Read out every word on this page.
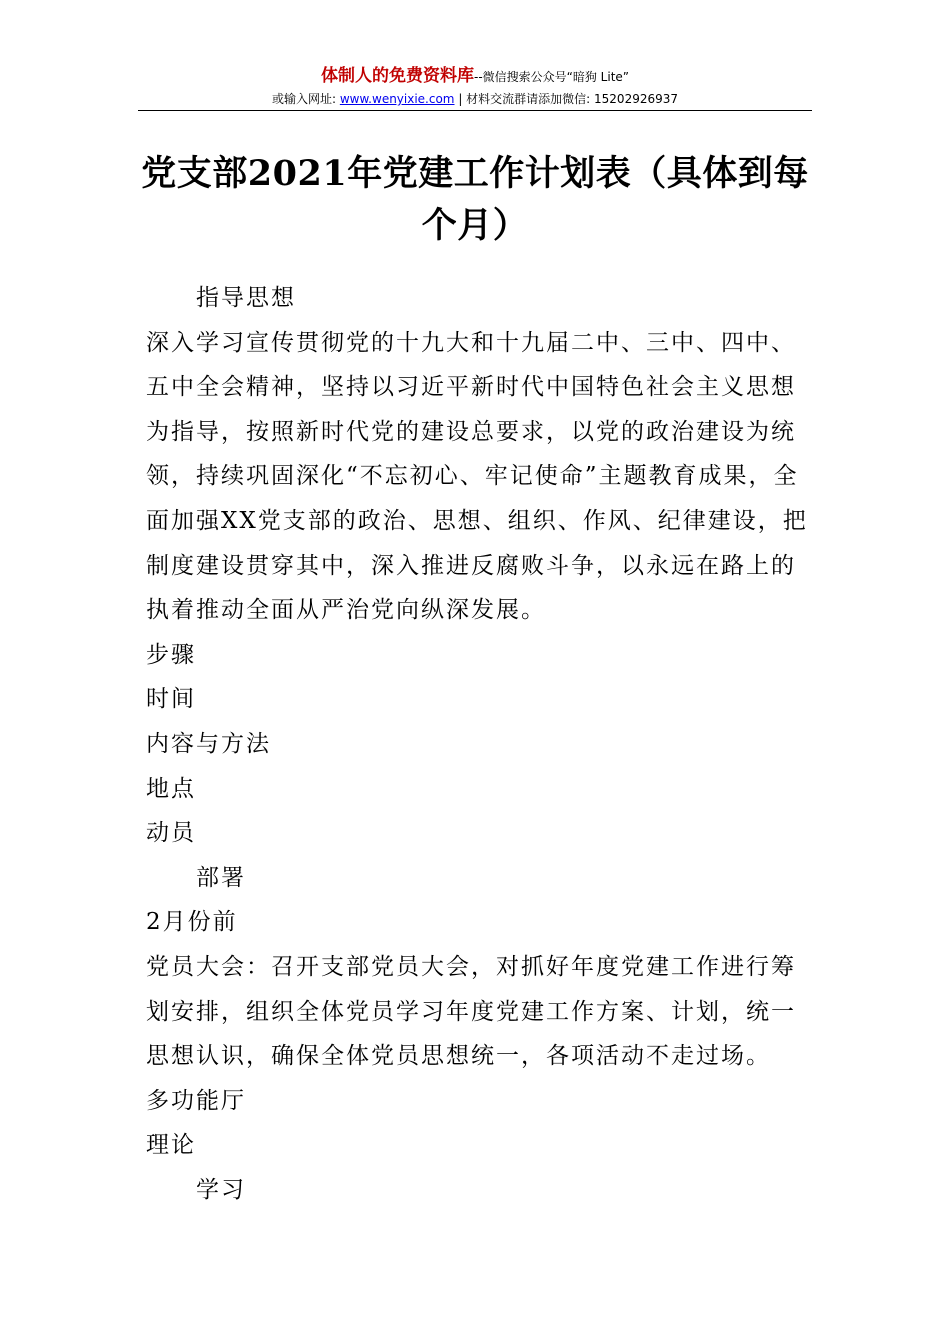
体制人的免费资料库--微信搜索公众号“暗狗 Lite”
或输入网址: www.wenyixie.com | 材料交流群请添加微信: 15202926937
党支部2021年党建工作计划表（具体到每
个月）

指导思想

深入学习宣传贯彻党的十九大和十九届二中、三中、四中、五中全会精神，坚持以习近平新时代中国特色社会主义思想为指导，按照新时代党的建设总要求，以党的政治建设为统领，持续巩固深化“不忘初心、牢记使命”主题教育成果，全面加强XX党支部的政治、思想、组织、作风、纪律建设，把制度建设贯穿其中，深入推进反腐败斗争，以永远在路上的执着推动全面从严治党向纵深发展。

步骤

时间

内容与方法

地点

动员

部署

2月份前

党员大会：召开支部党员大会，对抓好年度党建工作进行筹划安排，组织全体党员学习年度党建工作方案、计划，统一思想认识，确保全体党员思想统一，各项活动不走过场。

多功能厅

理论

学习
